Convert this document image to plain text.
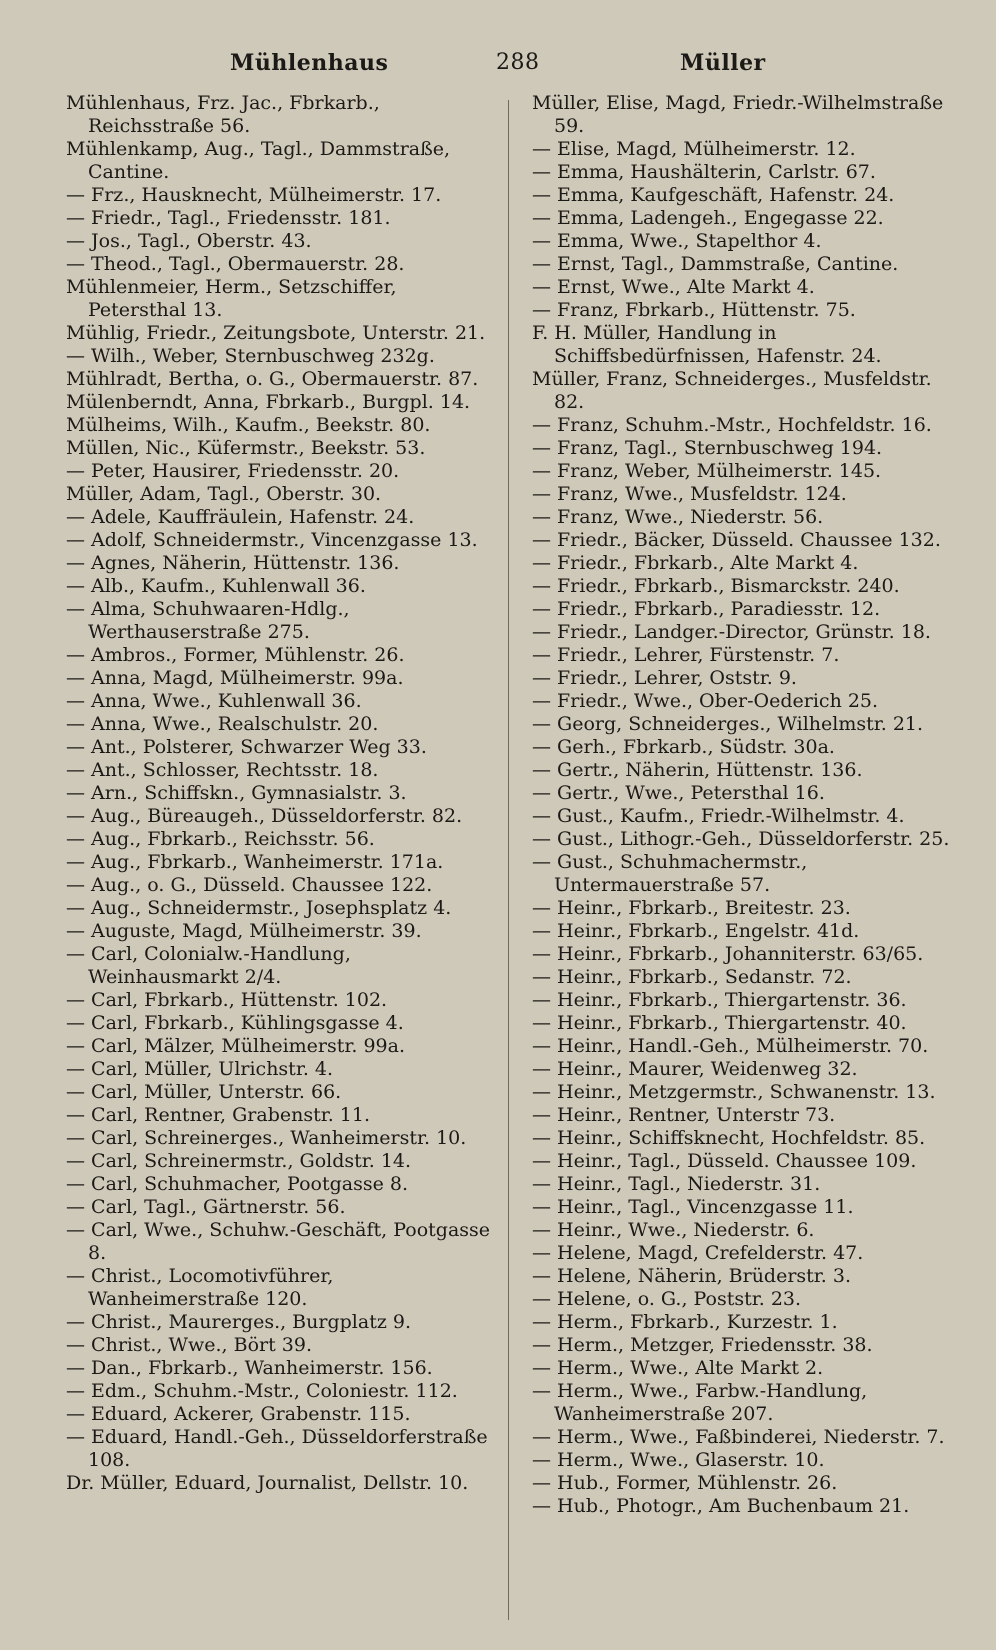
Mühlenhaus	288	Müller
Mühlenhaus, Frz. Jac., Fbrkarb., Reichsstraße 56.
Mühlenkamp, Aug., Tagl., Dammstraße, Cantine.
— Frz., Hausknecht, Mülheimerstr. 17.
— Friedr., Tagl., Friedensstr. 181.
— Jos., Tagl., Oberstr. 43.
— Theod., Tagl., Obermauerstr. 28.
Mühlenmeier, Herm., Setzschiffer, Petersthal 13.
Mühlig, Friedr., Zeitungsbote, Unterstr. 21.
— Wilh., Weber, Sternbuschweg 232g.
Mühlradt, Bertha, o. G., Obermauerstr. 87.
Mülenberndt, Anna, Fbrkarb., Burgpl. 14.
Mülheims, Wilh., Kaufm., Beekstr. 80.
Müllen, Nic., Küfermstr., Beekstr. 53.
— Peter, Hausirer, Friedensstr. 20.
Müller, Adam, Tagl., Oberstr. 30.
— Adele, Kauffräulein, Hafenstr. 24.
— Adolf, Schneidermstr., Vincenzgasse 13.
— Agnes, Näherin, Hüttenstr. 136.
— Alb., Kaufm., Kuhlenwall 36.
— Alma, Schuhwaaren-Hdlg., Werthauserstraße 275.
— Ambros., Former, Mühlenstr. 26.
— Anna, Magd, Mülheimerstr. 99a.
— Anna, Wwe., Kuhlenwall 36.
— Anna, Wwe., Realschulstr. 20.
— Ant., Polsterer, Schwarzer Weg 33.
— Ant., Schlosser, Rechtsstr. 18.
— Arn., Schiffskn., Gymnasialstr. 3.
— Aug., Büreaugeh., Düsseldorferstr. 82.
— Aug., Fbrkarb., Reichsstr. 56.
— Aug., Fbrkarb., Wanheimerstr. 171a.
— Aug., o. G., Düsseld. Chaussee 122.
— Aug., Schneidermstr., Josephsplatz 4.
— Auguste, Magd, Mülheimerstr. 39.
— Carl, Colonialw.-Handlung, Weinhausmarkt 2/4.
— Carl, Fbrkarb., Hüttenstr. 102.
— Carl, Fbrkarb., Kühlingsgasse 4.
— Carl, Mälzer, Mülheimerstr. 99a.
— Carl, Müller, Ulrichstr. 4.
— Carl, Müller, Unterstr. 66.
— Carl, Rentner, Grabenstr. 11.
— Carl, Schreinerges., Wanheimerstr. 10.
— Carl, Schreinermstr., Goldstr. 14.
— Carl, Schuhmacher, Pootgasse 8.
— Carl, Tagl., Gärtnerstr. 56.
— Carl, Wwe., Schuhw.-Geschäft, Pootgasse 8.
— Christ., Locomotivführer, Wanheimerstraße 120.
— Christ., Maurerges., Burgplatz 9.
— Christ., Wwe., Bört 39.
— Dan., Fbrkarb., Wanheimerstr. 156.
— Edm., Schuhm.-Mstr., Coloniestr. 112.
— Eduard, Ackerer, Grabenstr. 115.
— Eduard, Handl.-Geh., Düsseldorferstraße 108.
Dr. Müller, Eduard, Journalist, Dellstr. 10.
Müller, Elise, Magd, Friedr.-Wilhelmstraße 59.
— Elise, Magd, Mülheimerstr. 12.
— Emma, Haushälterin, Carlstr. 67.
— Emma, Kaufgeschäft, Hafenstr. 24.
— Emma, Ladengeh., Engegasse 22.
— Emma, Wwe., Stapelthor 4.
— Ernst, Tagl., Dammstraße, Cantine.
— Ernst, Wwe., Alte Markt 4.
— Franz, Fbrkarb., Hüttenstr. 75.
F. H. Müller, Handlung in Schiffsbedürfnissen, Hafenstr. 24.
Müller, Franz, Schneiderges., Musfeldstr. 82.
— Franz, Schuhm.-Mstr., Hochfeldstr. 16.
— Franz, Tagl., Sternbuschweg 194.
— Franz, Weber, Mülheimerstr. 145.
— Franz, Wwe., Musfeldstr. 124.
— Franz, Wwe., Niederstr. 56.
— Friedr., Bäcker, Düsseld. Chaussee 132.
— Friedr., Fbrkarb., Alte Markt 4.
— Friedr., Fbrkarb., Bismarckstr. 240.
— Friedr., Fbrkarb., Paradiesstr. 12.
— Friedr., Landger.-Director, Grünstr. 18.
— Friedr., Lehrer, Fürstenstr. 7.
— Friedr., Lehrer, Oststr. 9.
— Friedr., Wwe., Ober-Oederich 25.
— Georg, Schneiderges., Wilhelmstr. 21.
— Gerh., Fbrkarb., Südstr. 30a.
— Gertr., Näherin, Hüttenstr. 136.
— Gertr., Wwe., Petersthal 16.
— Gust., Kaufm., Friedr.-Wilhelmstr. 4.
— Gust., Lithogr.-Geh., Düsseldorferstr. 25.
— Gust., Schuhmachermstr., Untermauerstraße 57.
— Heinr., Fbrkarb., Breitestr. 23.
— Heinr., Fbrkarb., Engelstr. 41d.
— Heinr., Fbrkarb., Johanniterstr. 63/65.
— Heinr., Fbrkarb., Sedanstr. 72.
— Heinr., Fbrkarb., Thiergartenstr. 36.
— Heinr., Fbrkarb., Thiergartenstr. 40.
— Heinr., Handl.-Geh., Mülheimerstr. 70.
— Heinr., Maurer, Weidenweg 32.
— Heinr., Metzgermstr., Schwanenstr. 13.
— Heinr., Rentner, Unterstr 73.
— Heinr., Schiffsknecht, Hochfeldstr. 85.
— Heinr., Tagl., Düsseld. Chaussee 109.
— Heinr., Tagl., Niederstr. 31.
— Heinr., Tagl., Vincenzgasse 11.
— Heinr., Wwe., Niederstr. 6.
— Helene, Magd, Crefelderstr. 47.
— Helene, Näherin, Brüderstr. 3.
— Helene, o. G., Poststr. 23.
— Herm., Fbrkarb., Kurzestr. 1.
— Herm., Metzger, Friedensstr. 38.
— Herm., Wwe., Alte Markt 2.
— Herm., Wwe., Farbw.-Handlung, Wanheimerstraße 207.
— Herm., Wwe., Faßbinderei, Niederstr. 7.
— Herm., Wwe., Glaserstr. 10.
— Hub., Former, Mühlenstr. 26.
— Hub., Photogr., Am Buchenbaum 21.
